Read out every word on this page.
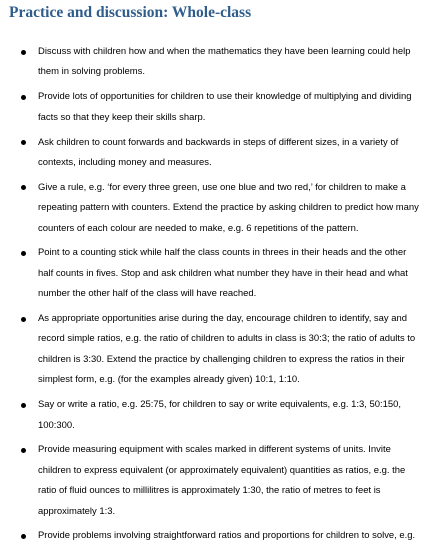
Practice and discussion: Whole-class
Discuss with children how and when the mathematics they have been learning could help
them in solving problems.
Provide lots of opportunities for children to use their knowledge of multiplying and dividing
facts so that they keep their skills sharp.
Ask children to count forwards and backwards in steps of different sizes, in a variety of
contexts, including money and measures.
Give a rule, e.g. ‘for every three green, use one blue and two red,’ for children to make a
repeating pattern with counters. Extend the practice by asking children to predict how many
counters of each colour are needed to make, e.g. 6 repetitions of the pattern.
Point to a counting stick while half the class counts in threes in their heads and the other
half counts in fives. Stop and ask children what number they have in their head and what
number the other half of the class will have reached.
As appropriate opportunities arise during the day, encourage children to identify, say and
record simple ratios, e.g. the ratio of children to adults in class is 30:3; the ratio of adults to
children is 3:30. Extend the practice by challenging children to express the ratios in their
simplest form, e.g. (for the examples already given) 10:1, 1:10.
Say or write a ratio, e.g. 25:75, for children to say or write equivalents, e.g. 1:3, 50:150,
100:300.
Provide measuring equipment with scales marked in different systems of units. Invite
children to express equivalent (or approximately equivalent) quantities as ratios, e.g. the
ratio of fluid ounces to millilitres is approximately 1:30, the ratio of metres to feet is
approximately 1:3.
Provide problems involving straightforward ratios and proportions for children to solve, e.g.
